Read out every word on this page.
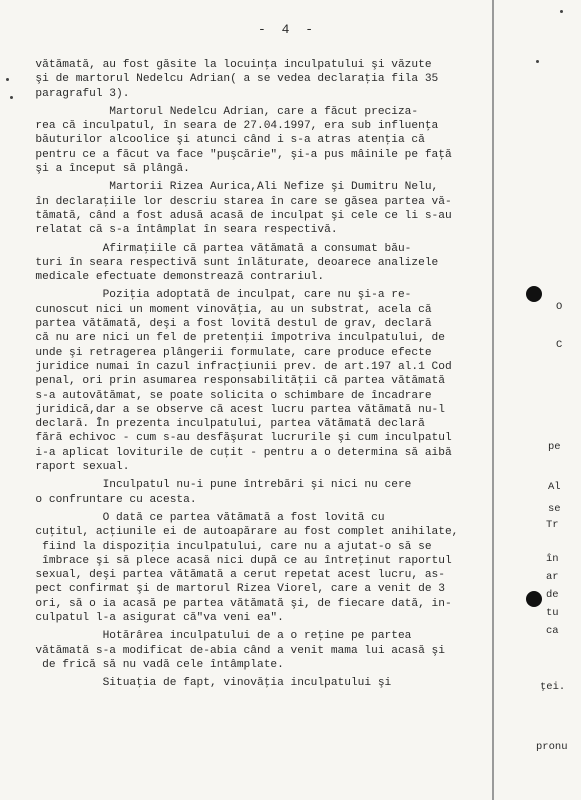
- 4 -
vătămată, au fost găsite la locuinţa inculpatului şi văzute
şi de martorul Nedelcu Adrian( a se vedea declaraţia fila 35
paragraful 3).
Martorul Nedelcu Adrian, care a făcut preciza-
rea că inculpatul, în seara de 27.04.1997, era sub influenţa
băuturilor alcoolice şi atunci când i s-a atras atenţia că
pentru ce a făcut va face "puşcărie", şi-a pus mâinile pe faţă
şi a început să plângă.
Martorii Rizea Aurica,Ali Nefize şi Dumitru Nelu,
în declaraţiile lor descriu starea în care se găsea partea vă-
tămată, când a fost adusă acasă de inculpat şi cele ce li s-au
relatat că s-a întâmplat în seara respectivă.
Afirmaţiile că partea vătămată a consumat bău-
turi în seara respectivă sunt înlăturate, deoarece analizele
medicale efectuate demonstrează contrariul.
Poziţia adoptată de inculpat, care nu şi-a re-
cunoscut nici un moment vinovăţia, au un substrat, acela că
partea vătămată, deşi a fost lovită destul de grav, declară
că nu are nici un fel de pretenţii împotriva inculpatului, de
unde şi retragerea plângerii formulate, care produce efecte
juridice numai în cazul infracţiunii prev. de art.197 al.1 Cod
penal, ori prin asumarea responsabilităţii că partea vătămată
s-a autovătămat, se poate solicita o schimbare de încadrare
juridică,dar a se observe că acest lucru partea vătămată nu-l
declară. În prezenta inculpatului, partea vătămată declară
fără echivoc - cum s-au desfăşurat lucrurile şi cum inculpatul
i-a aplicat loviturile de cuţit - pentru a o determina să aibă
raport sexual.
Inculpatul nu-i pune întrebări şi nici nu cere
o confruntare cu acesta.
O dată ce partea vătămată a fost lovită cu
cuţitul, acţiunile ei de autoapărare au fost complet anihilate,
fiind la dispoziţia inculpatului, care nu a ajutat-o să se
îmbrace şi să plece acasă nici după ce au întreţinut raportul
sexual, deşi partea vătămată a cerut repetat acest lucru, as-
pect confirmat şi de martorul Rizea Viorel, care a venit de 3
ori, să o ia acasă pe partea vătămată şi, de fiecare dată, in-
culpatul l-a asigurat că"va veni ea".
Hotărârea inculpatului de a o reţine pe partea
vătămată s-a modificat de-abia când a venit mama lui acasă şi
de frică să nu vadă cele întâmplate.
Situaţia de fapt, vinovăţia inculpatului şi
O
C
pe
Al
se
Tr
în
ar
de
tu
ca
ţei.
pronu
